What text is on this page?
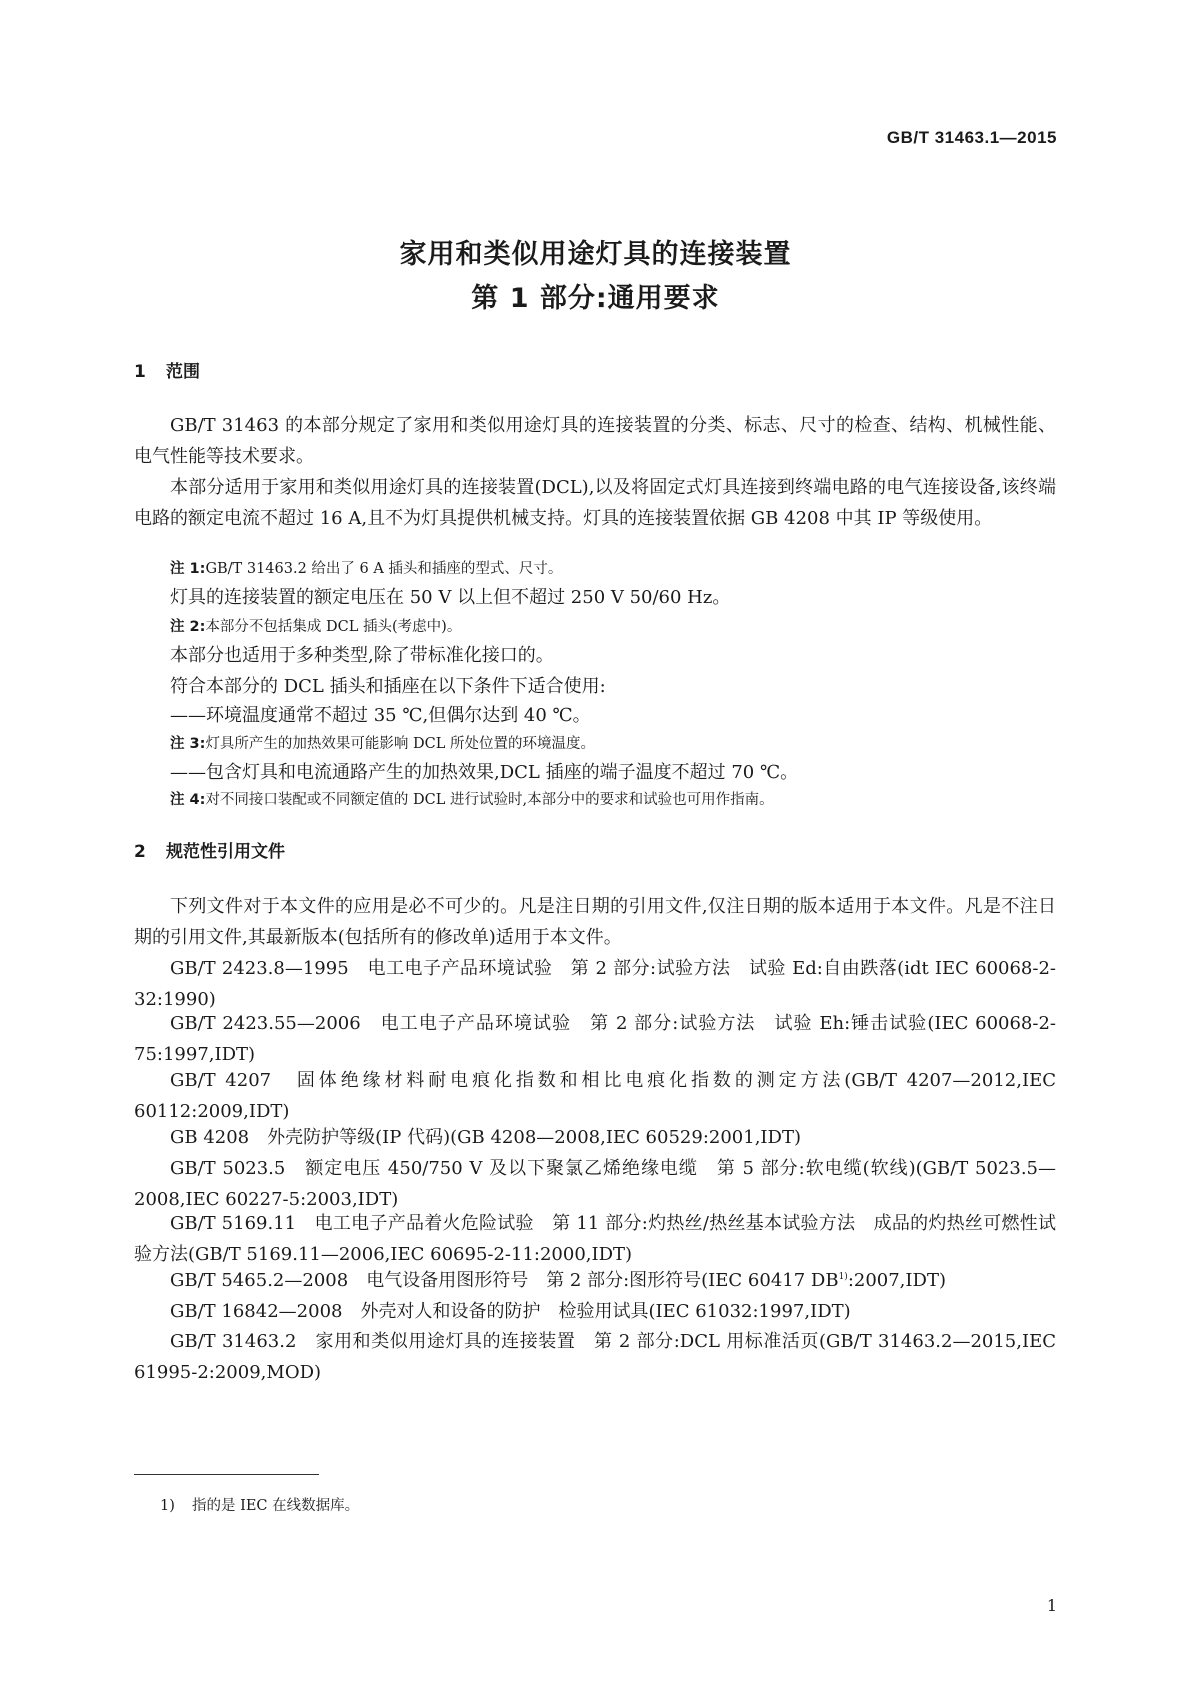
GB/T 31463.1—2015
家用和类似用途灯具的连接装置
第 1 部分:通用要求
1 范围

GB/T 31463 的本部分规定了家用和类似用途灯具的连接装置的分类、标志、尺寸的检查、结构、机械性能、电气性能等技术要求。

本部分适用于家用和类似用途灯具的连接装置(DCL),以及将固定式灯具连接到终端电路的电气连接设备,该终端电路的额定电流不超过 16 A,且不为灯具提供机械支持。灯具的连接装置依据 GB 4208 中其 IP 等级使用。

注 1:GB/T 31463.2 给出了 6 A 插头和插座的型式、尺寸。
灯具的连接装置的额定电压在 50 V 以上但不超过 250 V 50/60 Hz。
注 2:本部分不包括集成 DCL 插头(考虑中)。
本部分也适用于多种类型,除了带标准化接口的。
符合本部分的 DCL 插头和插座在以下条件下适合使用:
——环境温度通常不超过 35 ℃,但偶尔达到 40 ℃。
注 3:灯具所产生的加热效果可能影响 DCL 所处位置的环境温度。
——包含灯具和电流通路产生的加热效果,DCL 插座的端子温度不超过 70 ℃。
注 4:对不同接口装配或不同额定值的 DCL 进行试验时,本部分中的要求和试验也可用作指南。
2 规范性引用文件

下列文件对于本文件的应用是必不可少的。凡是注日期的引用文件,仅注日期的版本适用于本文件。凡是不注日期的引用文件,其最新版本(包括所有的修改单)适用于本文件。

GB/T 2423.8—1995　电工电子产品环境试验　第 2 部分:试验方法　试验 Ed:自由跌落(idt IEC 60068-2-32:1990)

GB/T 2423.55—2006　电工电子产品环境试验　第 2 部分:试验方法　试验 Eh:锤击试验(IEC 60068-2-75:1997,IDT)

GB/T 4207　固体绝缘材料耐电痕化指数和相比电痕化指数的测定方法(GB/T 4207—2012,IEC 60112:2009,IDT)

GB 4208　外壳防护等级(IP 代码)(GB 4208—2008,IEC 60529:2001,IDT)

GB/T 5023.5　额定电压 450/750 V 及以下聚氯乙烯绝缘电缆　第 5 部分:软电缆(软线)(GB/T 5023.5—2008,IEC 60227-5:2003,IDT)

GB/T 5169.11　电工电子产品着火危险试验　第 11 部分:灼热丝/热丝基本试验方法　成品的灼热丝可燃性试验方法(GB/T 5169.11—2006,IEC 60695-2-11:2000,IDT)

GB/T 5465.2—2008　电气设备用图形符号　第 2 部分:图形符号(IEC 60417 DB$^{1)}$:2007,IDT)

GB/T 16842—2008　外壳对人和设备的防护　检验用试具(IEC 61032:1997,IDT)

GB/T 31463.2　家用和类似用途灯具的连接装置　第 2 部分:DCL 用标准活页(GB/T 31463.2—2015,IEC 61995-2:2009,MOD)

1) 指的是 IEC 在线数据库。
1
